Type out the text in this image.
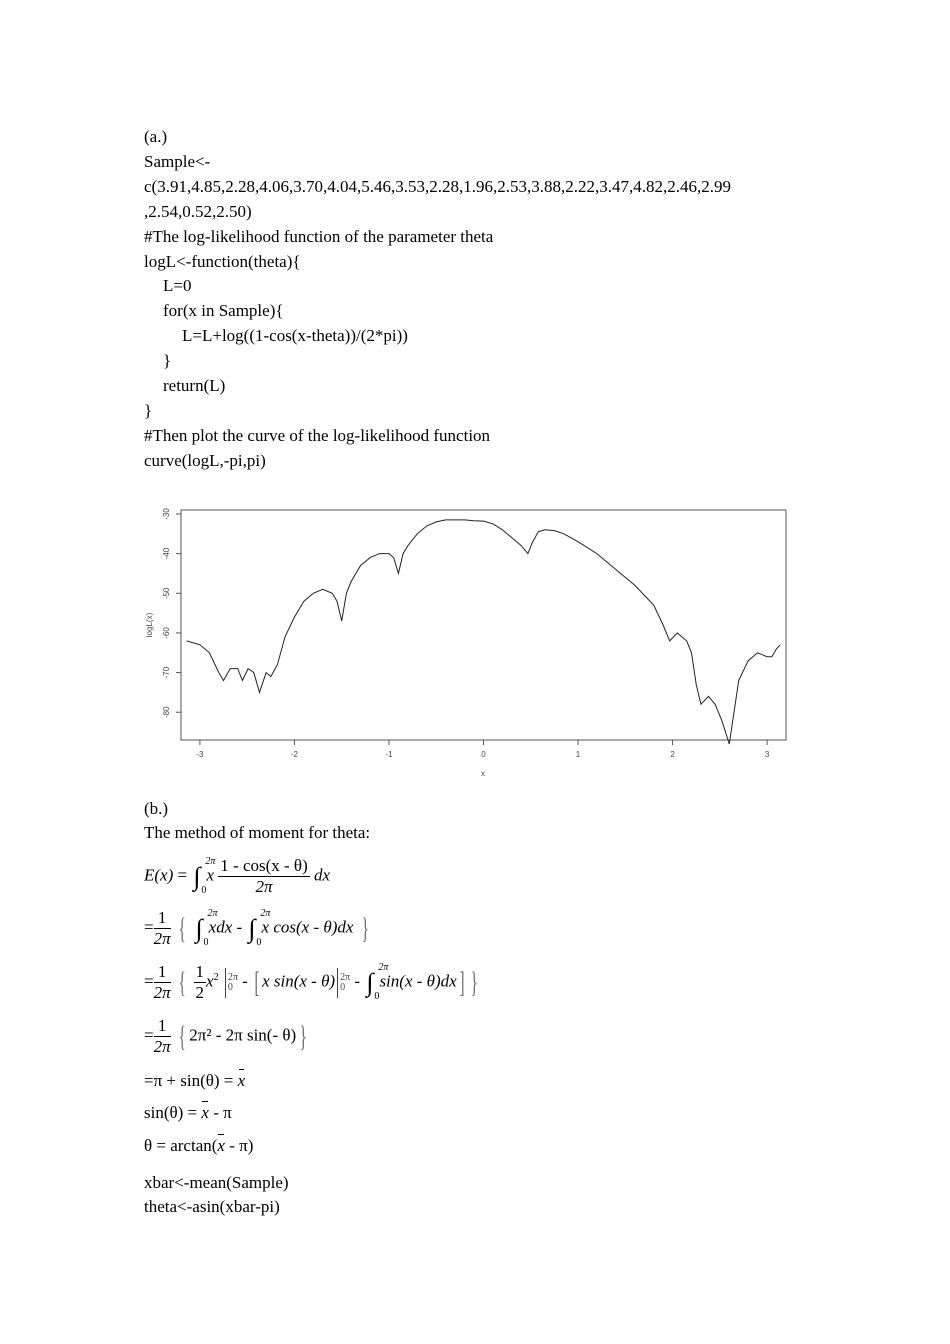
(a.)
Sample<-
c(3.91,4.85,2.28,4.06,3.70,4.04,5.46,3.53,2.28,1.96,2.53,3.88,2.22,3.47,4.82,2.46,2.99
,2.54,0.52,2.50)
#The log-likelihood function of the parameter theta
logL<-function(theta){
L=0
for(x in Sample){
L=L+log((1-cos(x-theta))/(2*pi))
}
return(L)
}
#Then plot the curve of the log-likelihood function
curve(logL,-pi,pi)
-3	-2	-1	0	1	2	3
-30
-40
-50
-60
-70
-80
x
logL(x)
(b.)
The method of moment for theta:
E(x) = ∫
2π
0
x $\frac{1 - \cos(x - \theta)}{2\pi}$ dx
= $\frac{1}{2\pi}$ { ∫
2π
0
xdx - ∫
2π
0
x cos(x - θ)dx }
= $\frac{1}{2\pi}$ { $\frac{1}{2} x^2$ 2π
0 - [ x sin(x - θ) 2π
0 - ∫
2π
0
sin(x - θ)dx] }
= $\frac{1}{2\pi}$ { 2π² - 2π sin(- θ) }
=π + sin(θ) = x
sin(θ) = x - π
θ = arctan(x - π)
xbar<-mean(Sample)
theta<-asin(xbar-pi)
